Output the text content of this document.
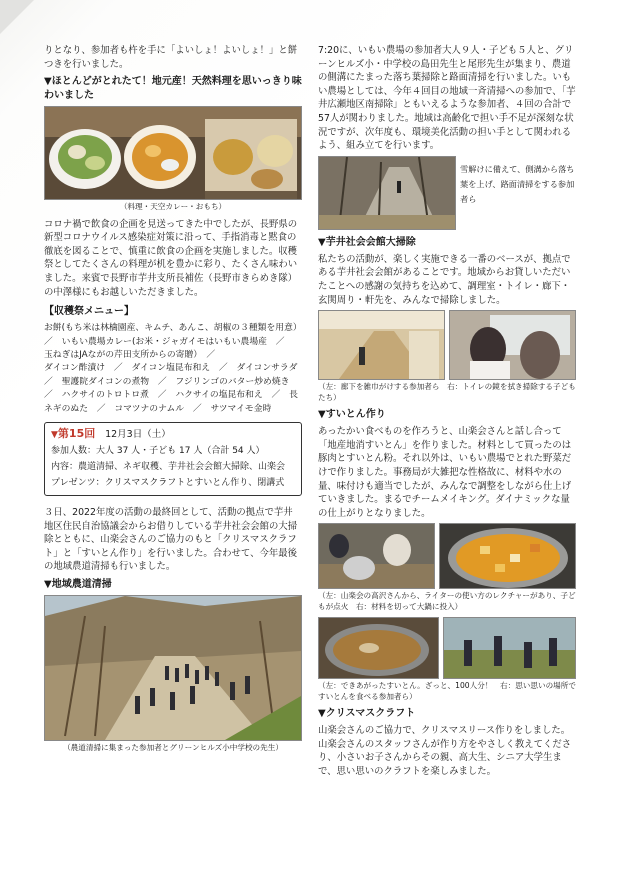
りとなり、参加者も杵を手に「よいしょ！よいしょ！」と餅つきを行いました。

▼ほとんどがとれたて！地元産！天然料理を思いっきり味わいました
（料理・天空カレー・おもち）

コロナ禍で飲食の企画を見送ってきた中でしたが、長野県の新型コロナウイルス感染症対策に沿って、手指消毒と黙食の徹底を図ることで、慎重に飲食の企画を実施しました。収穫祭としてたくさんの料理が机を豊かに彩り、たくさん味わいました。来賓で長野市芋井支所長補佐（長野市きらめき隊）の中澤様にもお越しいただきました。

【収穫祭メニュー】

お餅(もち米は林檎園産、キムチ、あんこ、胡椒の３種類を用意）　／　いもい農場カレー(お米・ジャガイモはいもい農場産　／　玉ねぎはJAながの芹田支所からの寄贈）　／

ダイコン酢漬け　／　ダイコン塩昆布和え　／　ダイコンサラダ　／　聖護院ダイコンの煮物　／　フジリンゴのバター炒め焼き　／　ハクサイのトロトロ煮　／　ハクサイの塩昆布和え　／　長ネギのぬた　／　コマツナのナムル　／　サツマイモ金時

▼第15回 12月3日（土）
参加人数：大人 37 人・子ども 17 人（合計 54 人）
内容：農道清掃、ネギ収穫、芋井社会会館大掃除、山楽会
プレゼンツ：クリスマスクラフトとすいとん作り、閉講式

３日、2022年度の活動の最終回として、活動の拠点で芋井地区住民自治協議会からお借りしている芋井社会会館の大掃除とともに、山楽会さんのご協力のもと「クリスマスクラフト」と「すいとん作り」を行いました。合わせて、今年最後の地域農道清掃も行いました。

▼地域農道清掃
（農道清掃に集まった参加者とグリーンヒルズ小中学校の先生）

7:20に、いもい農場の参加者大人９人・子ども５人と、グリーンヒルズ小・中学校の島田先生と尾形先生が集まり、農道の側溝にたまった落ち葉掃除と路面清掃を行いました。いもい農場としては、今年４回目の地域一斉清掃への参加で、「芋井広瀬地区南掃除」ともいえるような参加者、４回の合計で57人が関わりました。地域は高齢化で担い手不足が深刻な状況ですが、次年度も、環境美化活動の担い手として関われるよう、組み立てを行います。

雪解けに備えて、側溝から落ち葉を上げ、路面清掃をする参加者ら
▼芋井社会会館大掃除

私たちの活動が、楽しく実施できる一番のベースが、拠点である芋井社会会館があることです。地域からお貸しいただいたことへの感謝の気持ちを込めて、調理室・トイレ・廊下・玄関周り・軒先を、みんなで掃除しました。

（左：廊下を雑巾がけする参加者ら　右：トイレの鏡を拭き掃除する子どもたち）
▼すいとん作り

あったかい食べものを作ろうと、山楽会さんと話し合って「地産地消すいとん」を作りました。材料として買ったのは豚肉とすいとん粉。それ以外は、いもい農場でとれた野菜だけで作りました。事務局が大雑把な性格故に、材料や水の量、味付けも適当でしたが、みんなで調整をしながら仕上げていきました。まるでチームメイキング。ダイナミックな量の仕上がりとなりました。

（左：山楽会の高沢さんから、ライターの使い方のレクチャーがあり、子どもが点火　右：材料を切って大鍋に投入）
（左：できあがったすいとん。ざっと、100人分！　右：思い思いの場所ですいとんを食べる参加者ら）
▼クリスマスクラフト

山楽会さんのご協力で、クリスマスリース作りをしました。山楽会さんのスタッフさんが作り方をやさしく教えてくださり、小さいお子さんからその親、高大生、シニア大学生まで、思い思いのクラフトを楽しみました。
